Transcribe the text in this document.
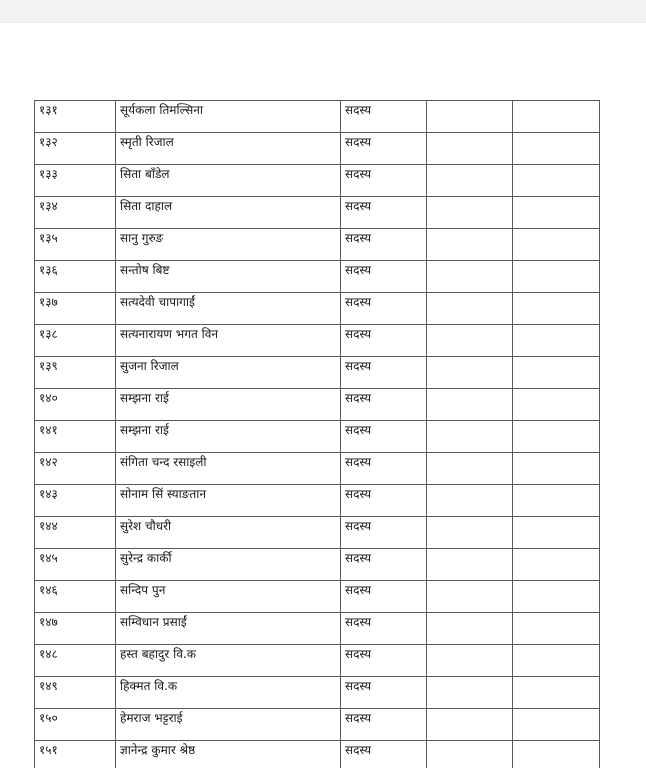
१३१	सूर्यकला तिमल्सिना	सदस्य		
१३२	स्मृती रिजाल	सदस्य		
१३३	सिता बाँडेल	सदस्य		
१३४	सिता दाहाल	सदस्य		
१३५	सानु गुरुङ	सदस्य		
१३६	सन्तोष बिष्ट	सदस्य		
१३७	सत्यदेवी चापागाईं	सदस्य		
१३८	सत्यनारायण भगत विन	सदस्य		
१३९	सुजना रिजाल	सदस्य		
१४०	सम्झना राई	सदस्य		
१४१	सम्झना राई	सदस्य		
१४२	संगिता चन्द रसाइली	सदस्य		
१४३	सोनाम सिं स्याङतान	सदस्य		
१४४	सुरेश चौधरी	सदस्य		
१४५	सुरेन्द्र कार्की	सदस्य		
१४६	सन्दिप पुन	सदस्य		
१४७	सम्विधान प्रसाईं	सदस्य		
१४८	हस्त बहादुर वि.क	सदस्य		
१४९	हिक्मत वि.क	सदस्य		
१५०	हेमराज भट्टराई	सदस्य		
१५१	ज्ञानेन्द्र कुमार श्रेष्ठ	सदस्य		
